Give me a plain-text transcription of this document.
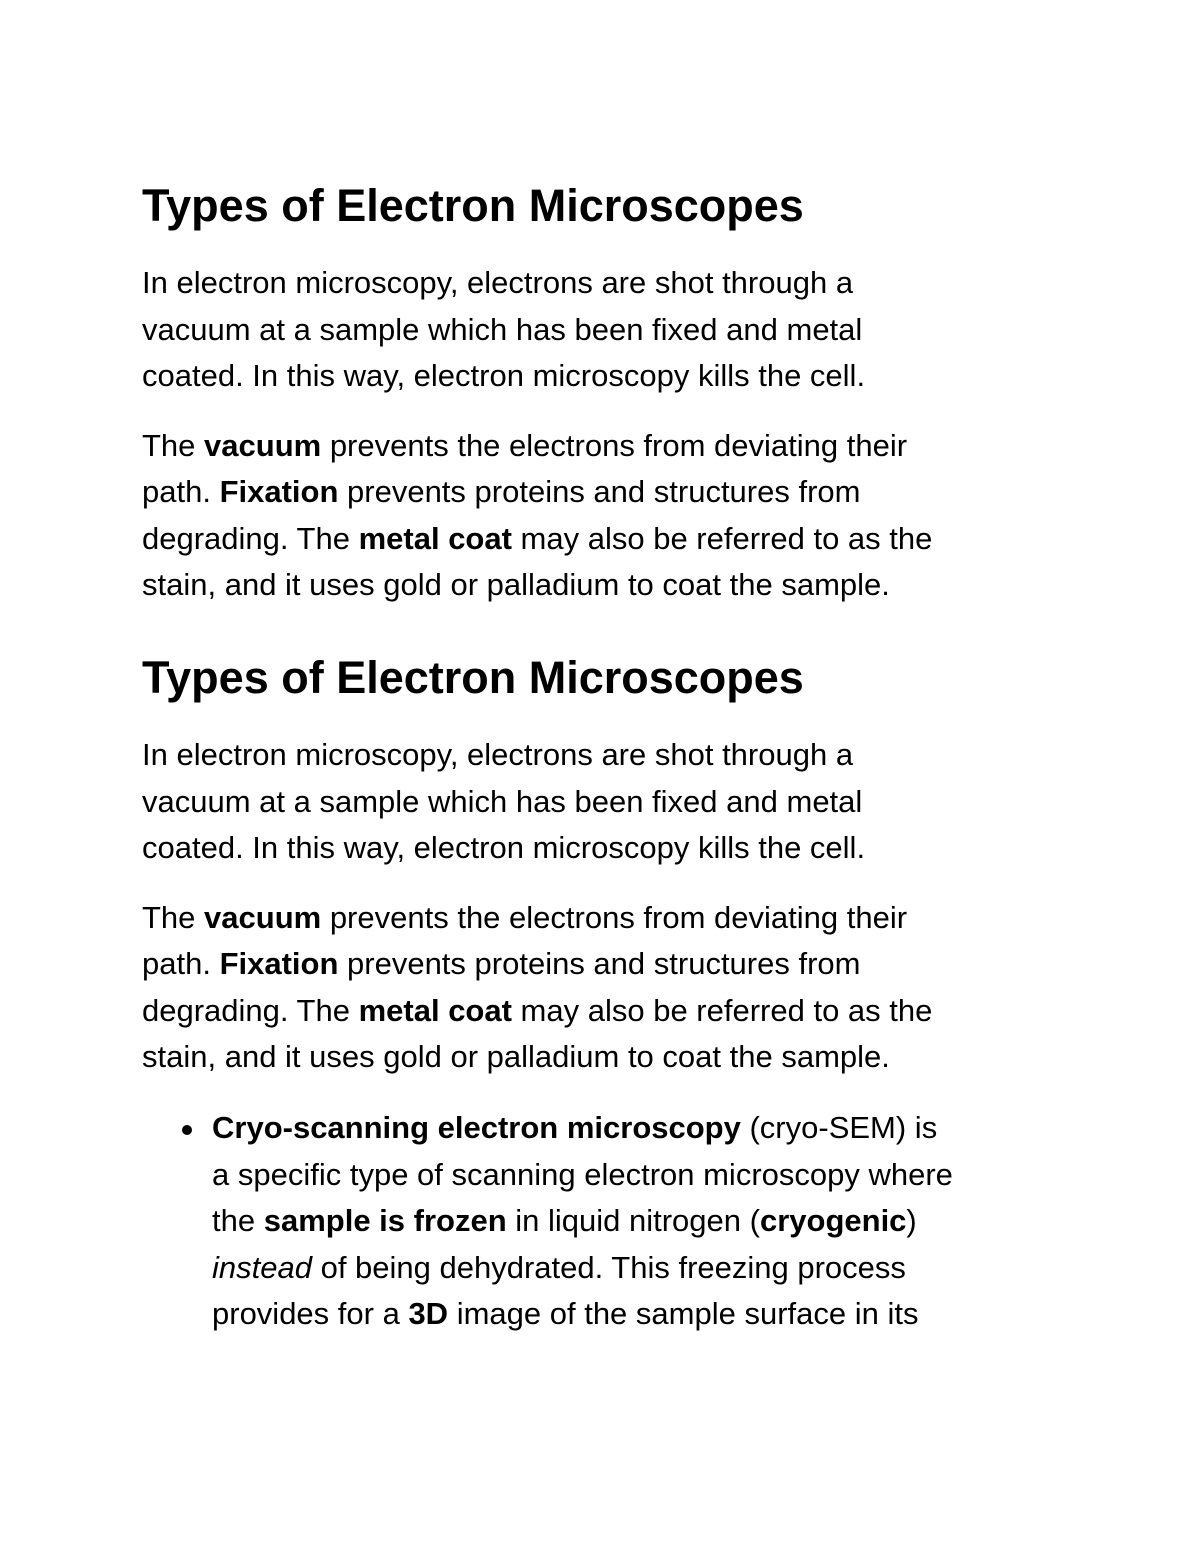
Types of Electron Microscopes

In electron microscopy, electrons are shot through a
vacuum at a sample which has been fixed and metal
coated. In this way, electron microscopy kills the cell.

The vacuum prevents the electrons from deviating their
path. Fixation prevents proteins and structures from
degrading. The metal coat may also be referred to as the
stain, and it uses gold or palladium to coat the sample.

Types of Electron Microscopes

In electron microscopy, electrons are shot through a
vacuum at a sample which has been fixed and metal
coated. In this way, electron microscopy kills the cell.

The vacuum prevents the electrons from deviating their
path. Fixation prevents proteins and structures from
degrading. The metal coat may also be referred to as the
stain, and it uses gold or palladium to coat the sample.

Cryo-scanning electron microscopy (cryo-SEM) is
a specific type of scanning electron microscopy where
the sample is frozen in liquid nitrogen (cryogenic)
instead of being dehydrated. This freezing process
provides for a 3D image of the sample surface in its
